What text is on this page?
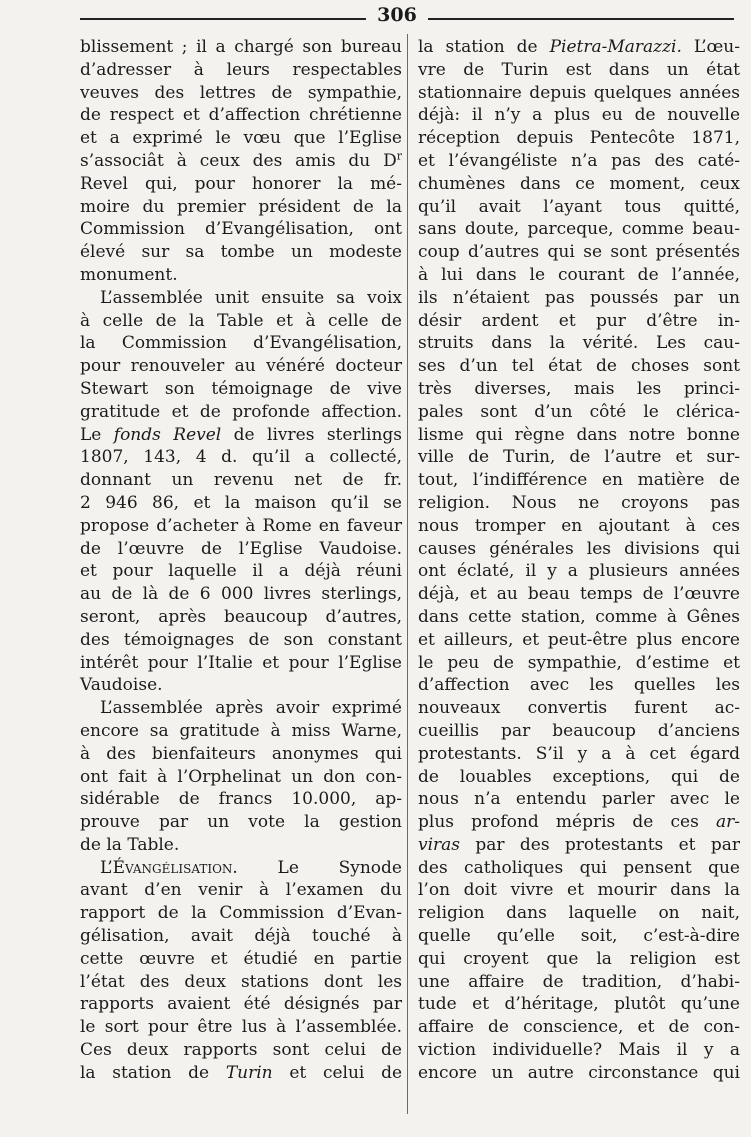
306
blissement ; il a chargé son bureau
d’adresser à leurs respectables
veuves des lettres de sympathie,
de respect et d’affection chrétienne
et a exprimé le vœu que l’Eglise
s’associât à ceux des amis du $D^r$
Revel qui, pour honorer la mé-
moire du premier président de la
Commission d’Evangélisation, ont
élevé sur sa tombe un modeste
monument.
L’assemblée unit ensuite sa voix
à celle de la Table et à celle de
la Commission d’Evangélisation,
pour renouveler au vénéré docteur
Stewart son témoignage de vive
gratitude et de profonde affection.
Le fonds Revel de livres sterlings
1807, 143, 4 d. qu’il a collecté,
donnant un revenu net de fr.
2 946 86, et la maison qu’il se
propose d’acheter à Rome en faveur
de l’œuvre de l’Eglise Vaudoise.
et pour laquelle il a déjà réuni
au de là de 6 000 livres sterlings,
seront, après beaucoup d’autres,
des témoignages de son constant
intérêt pour l’Italie et pour l’Eglise
Vaudoise.
L’assemblée après avoir exprimé
encore sa gratitude à miss Warne,
à des bienfaiteurs anonymes qui
ont fait à l’Orphelinat un don con-
sidérable de francs 10.000, ap-
prouve par un vote la gestion
de la Table.
L’Évangélisation. Le Synode
avant d’en venir à l’examen du
rapport de la Commission d’Evan-
gélisation, avait déjà touché à
cette œuvre et étudié en partie
l’état des deux stations dont les
rapports avaient été désignés par
le sort pour être lus à l’assemblée.
Ces deux rapports sont celui de
la station de Turin et celui de
la station de Pietra-Marazzi. L’œu-
vre de Turin est dans un état
stationnaire depuis quelques années
déjà: il n’y a plus eu de nouvelle
réception depuis Pentecôte 1871,
et l’évangéliste n’a pas des caté-
chumènes dans ce moment, ceux
qu’il avait l’ayant tous quitté,
sans doute, parceque, comme beau-
coup d’autres qui se sont présentés
à lui dans le courant de l’année,
ils n’étaient pas poussés par un
désir ardent et pur d’être in-
struits dans la vérité. Les cau-
ses d’un tel état de choses sont
très diverses, mais les princi-
pales sont d’un côté le clérica-
lisme qui règne dans notre bonne
ville de Turin, de l’autre et sur-
tout, l’indifférence en matière de
religion. Nous ne croyons pas
nous tromper en ajoutant à ces
causes générales les divisions qui
ont éclaté, il y a plusieurs années
déjà, et au beau temps de l’œuvre
dans cette station, comme à Gênes
et ailleurs, et peut-être plus encore
le peu de sympathie, d’estime et
d’affection avec les quelles les
nouveaux convertis furent ac-
cueillis par beaucoup d’anciens
protestants. S’il y a à cet égard
de louables exceptions, qui de
nous n’a entendu parler avec le
plus profond mépris de ces ar-
viras par des protestants et par
des catholiques qui pensent que
l’on doit vivre et mourir dans la
religion dans laquelle on nait,
quelle qu’elle soit, c’est-à-dire
qui croyent que la religion est
une affaire de tradition, d’habi-
tude et d’héritage, plutôt qu’une
affaire de conscience, et de con-
viction individuelle? Mais il y a
encore un autre circonstance qui
